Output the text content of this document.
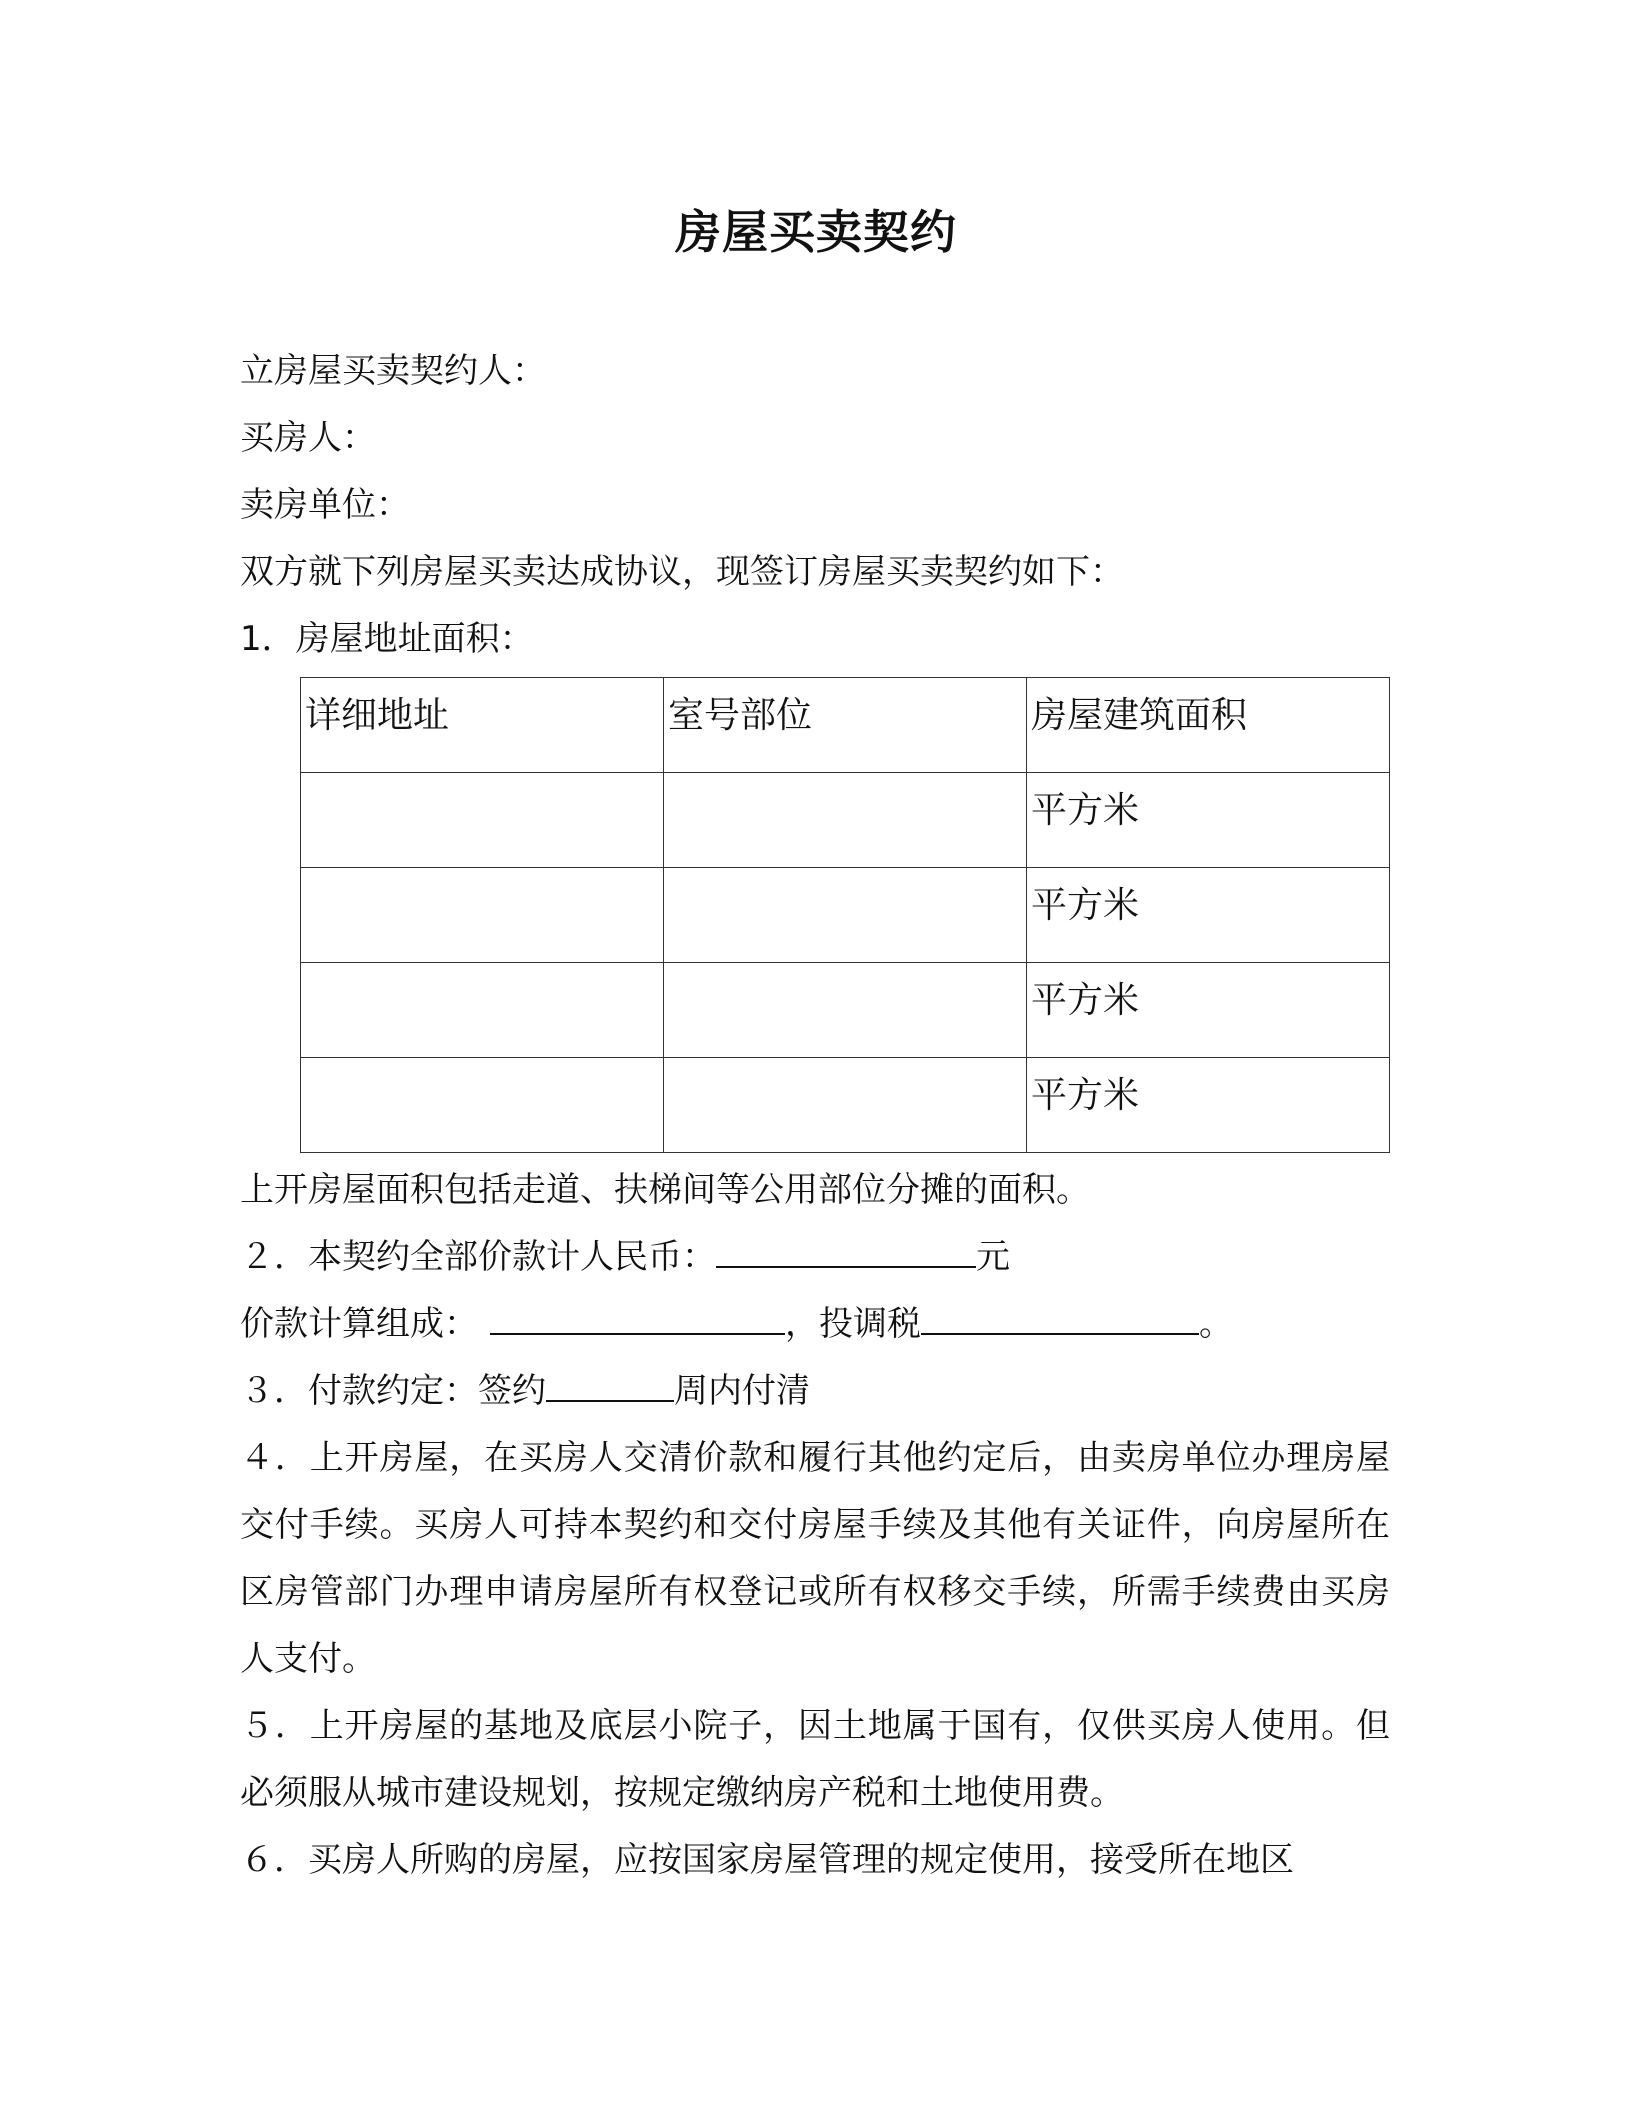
房屋买卖契约
立房屋买卖契约人：
买房人：
卖房单位：
双方就下列房屋买卖达成协议，现签订房屋买卖契约如下：
1．房屋地址面积：
详细地址	室号部位	房屋建筑面积
		平方米
		平方米
		平方米
		平方米
上开房屋面积包括走道、扶梯间等公用部位分摊的面积。
２．本契约全部价款计人民币：	元
价款计算组成：	，投调税	。
３．付款约定：签约	周内付清
４．上开房屋，在买房人交清价款和履行其他约定后，由卖房单位办理房屋交付手续。买房人可持本契约和交付房屋手续及其他有关证件，向房屋所在区房管部门办理申请房屋所有权登记或所有权移交手续，所需手续费由买房人支付。
５．上开房屋的基地及底层小院子，因土地属于国有，仅供买房人使用。但必须服从城市建设规划，按规定缴纳房产税和土地使用费。
６．买房人所购的房屋，应按国家房屋管理的规定使用，接受所在地区
